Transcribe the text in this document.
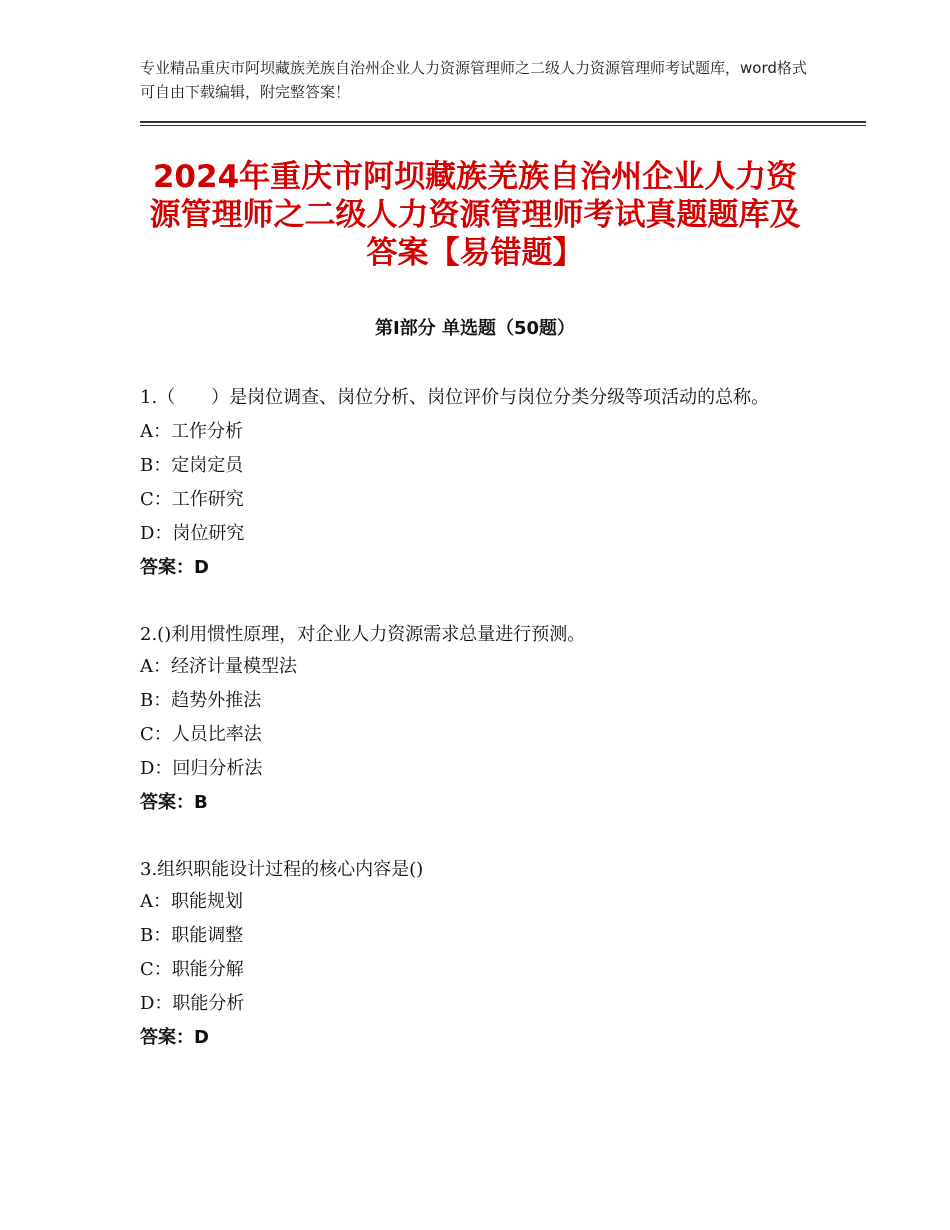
专业精品重庆市阿坝藏族羌族自治州企业人力资源管理师之二级人力资源管理师考试题库，word格式可自由下载编辑，附完整答案！
2024年重庆市阿坝藏族羌族自治州企业人力资源管理师之二级人力资源管理师考试真题题库及答案【易错题】
第Ⅰ部分 单选题（50题）

1.（　　）是岗位调查、岗位分析、岗位评价与岗位分类分级等项活动的总称。

A：工作分析

B：定岗定员

C：工作研究

D：岗位研究

答案：D

2.()利用惯性原理，对企业人力资源需求总量进行预测。

A：经济计量模型法

B：趋势外推法

C：人员比率法

D：回归分析法

答案：B

3.组织职能设计过程的核心内容是()

A：职能规划

B：职能调整

C：职能分解

D：职能分析

答案：D
